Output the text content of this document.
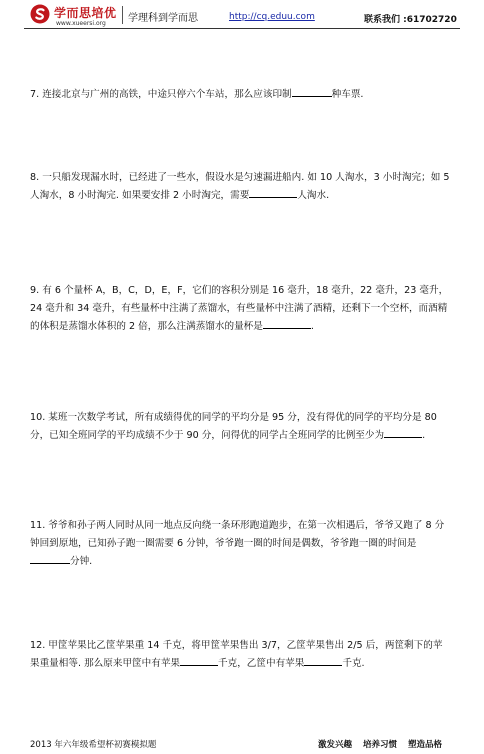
学而思培优
www.xueersi.org 学理科到学而思	http://cq.eduu.com	联系我们 :61702720
7. 连接北京与广州的高铁，中途只停六个车站，那么应该印制	种车票.
8. 一只船发现漏水时，已经进了一些水，假设水是匀速漏进船内. 如 10 人淘水，3 小时淘完；如 5 人淘水，8 小时淘完. 如果要安排 2 小时淘完，需要	人淘水.
9. 有 6 个量杯 A，B，C，D，E，F，它们的容积分别是 16 毫升，18 毫升，22 毫升，23 毫升，24 毫升和 34 毫升，有些量杯中注满了蒸馏水，有些量杯中注满了酒精，还剩下一个空杯，而酒精的体积是蒸馏水体积的 2 倍，那么注满蒸馏水的量杯是	.
10. 某班一次数学考试，所有成绩得优的同学的平均分是 95 分，没有得优的同学的平均分是 80 分，已知全班同学的平均成绩不少于 90 分，问得优的同学占全班同学的比例至少为	.
11. 爷爷和孙子两人同时从同一地点反向绕一条环形跑道跑步，在第一次相遇后，爷爷又跑了 8 分钟回到原地，已知孙子跑一圈需要 6 分钟，爷爷跑一圈的时间是偶数，爷爷跑一圈的时间是分钟.
12. 甲筐苹果比乙筐苹果重 14 千克，将甲筐苹果售出 3/7，乙筐苹果售出 2/5 后，两筐剩下的苹果重量相等. 那么原来甲筐中有苹果	千克，乙筐中有苹果	千克.
2013 年六年级希望杯初赛模拟题	激发兴趣 培养习惯 塑造品格
